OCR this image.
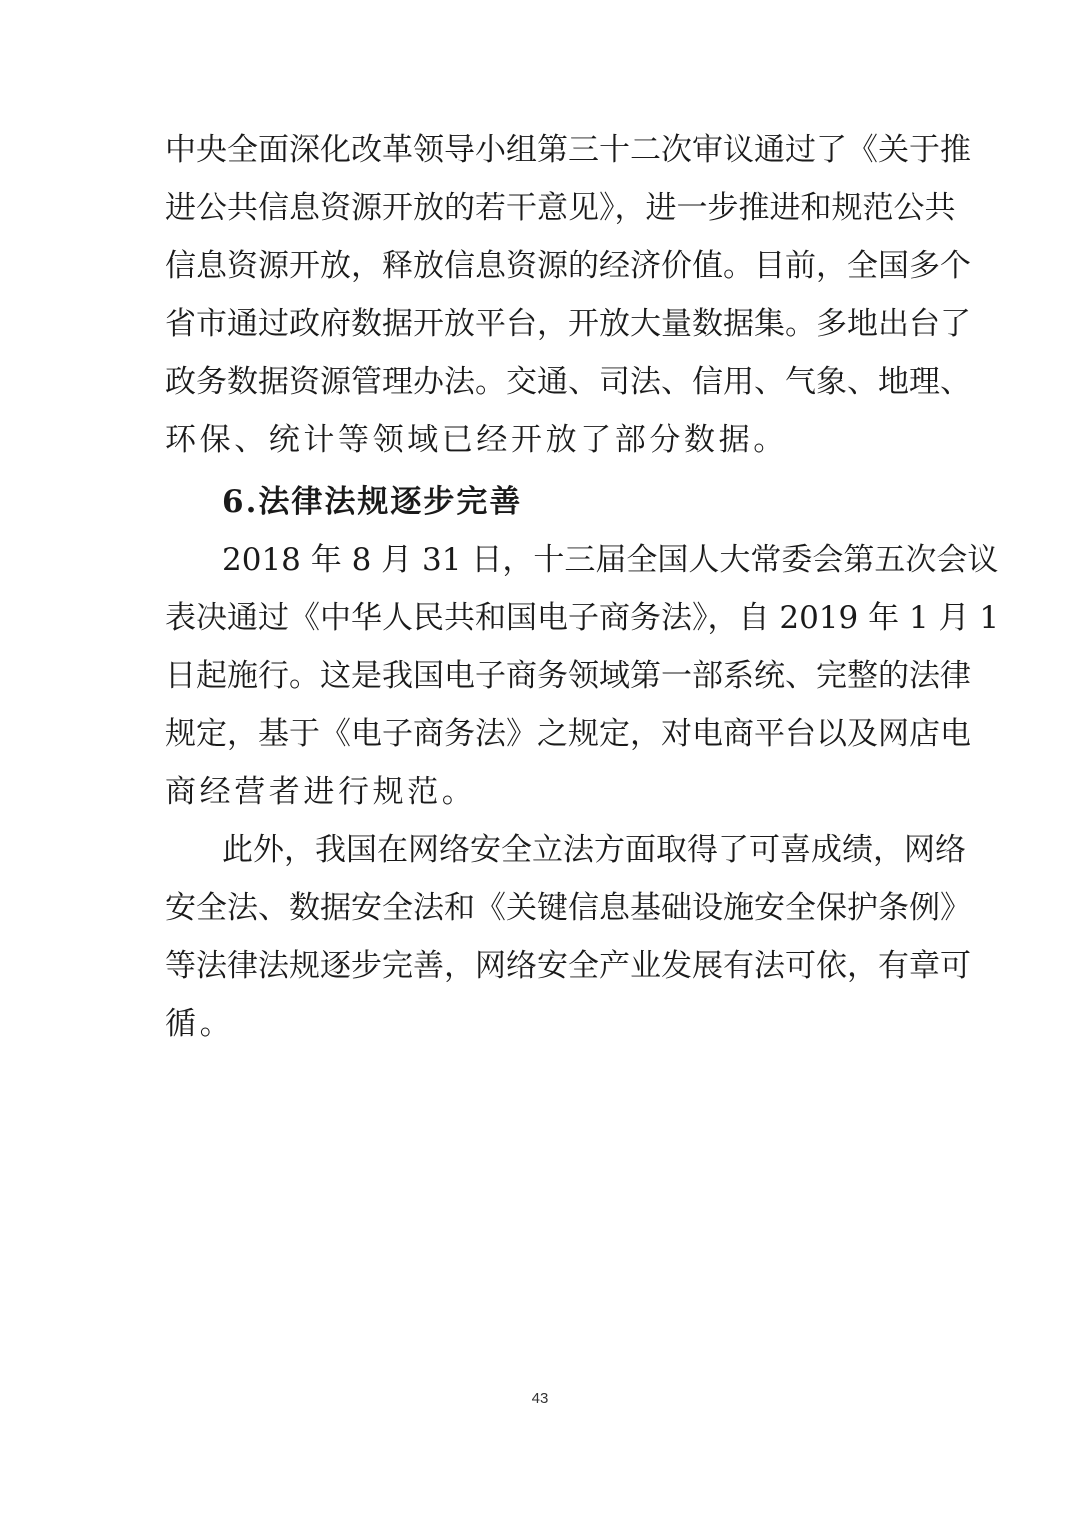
中央全面深化改革领导小组第三十二次审议通过了《关于推
进公共信息资源开放的若干意见》，进一步推进和规范公共
信息资源开放，释放信息资源的经济价值。目前，全国多个
省市通过政府数据开放平台，开放大量数据集。多地出台了
政务数据资源管理办法。交通、司法、信用、气象、地理、
环保、统计等领域已经开放了部分数据。
6.法律法规逐步完善
2018 年 8 月 31 日，十三届全国人大常委会第五次会议
表决通过《中华人民共和国电子商务法》，自 2019 年 1 月 1
日起施行。这是我国电子商务领域第一部系统、完整的法律
规定，基于《电子商务法》之规定，对电商平台以及网店电
商经营者进行规范。
此外，我国在网络安全立法方面取得了可喜成绩，网络
安全法、数据安全法和《关键信息基础设施安全保护条例》
等法律法规逐步完善，网络安全产业发展有法可依，有章可
循。
43
